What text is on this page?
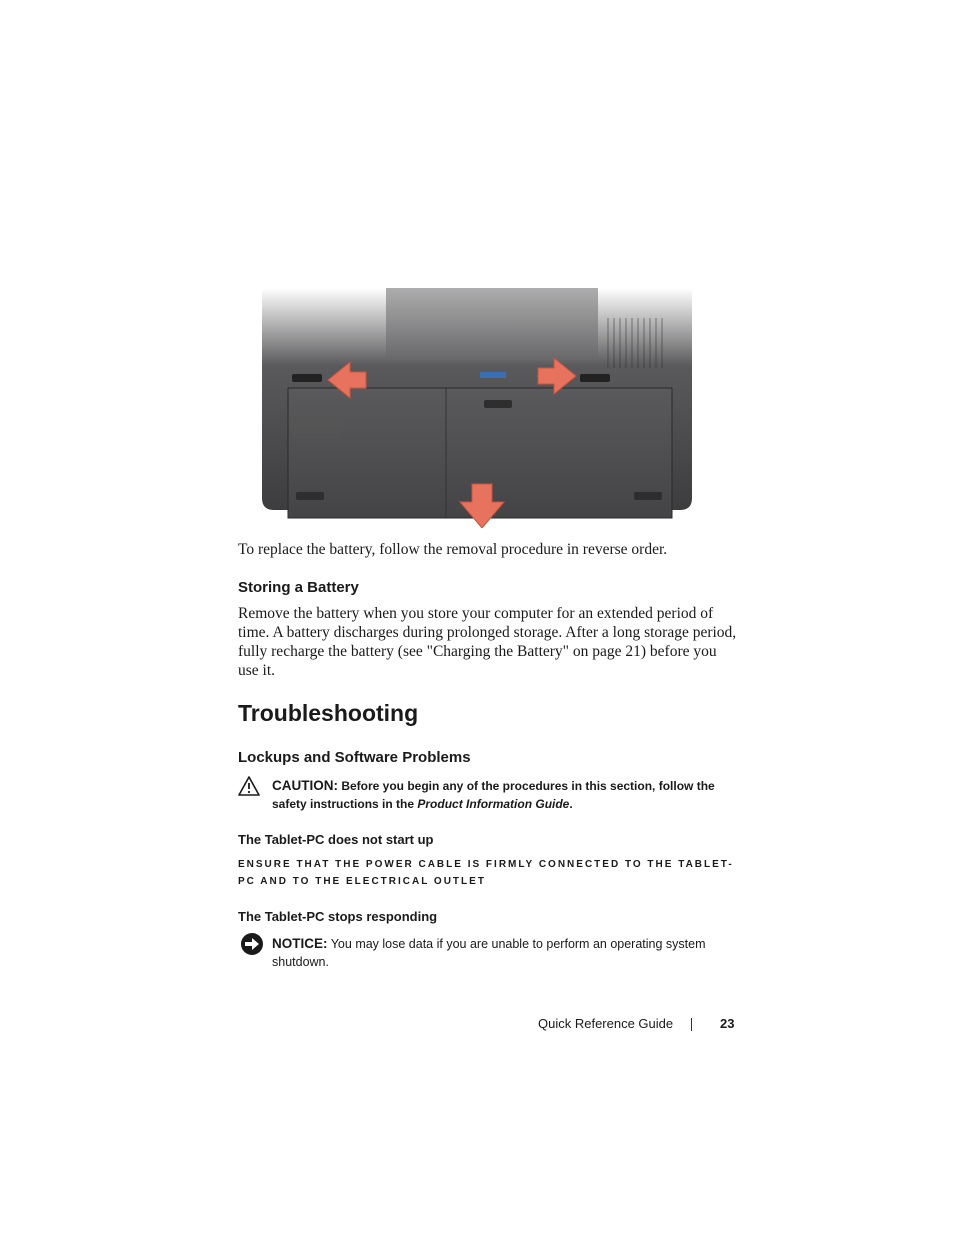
To replace the battery, follow the removal procedure in reverse order.
Storing a Battery
Remove the battery when you store your computer for an extended period of time. A battery discharges during prolonged storage. After a long storage period, fully recharge the battery (see "Charging the Battery" on page 21) before you use it.
Troubleshooting
Lockups and Software Problems
CAUTION: Before you begin any of the procedures in this section, follow the safety instructions in the Product Information Guide.
The Tablet-PC does not start up
ENSURE THAT THE POWER CABLE IS FIRMLY CONNECTED TO THE TABLET-PC AND TO THE ELECTRICAL OUTLET
The Tablet-PC stops responding
NOTICE: You may lose data if you are unable to perform an operating system shutdown.
Quick Reference Guide	23
